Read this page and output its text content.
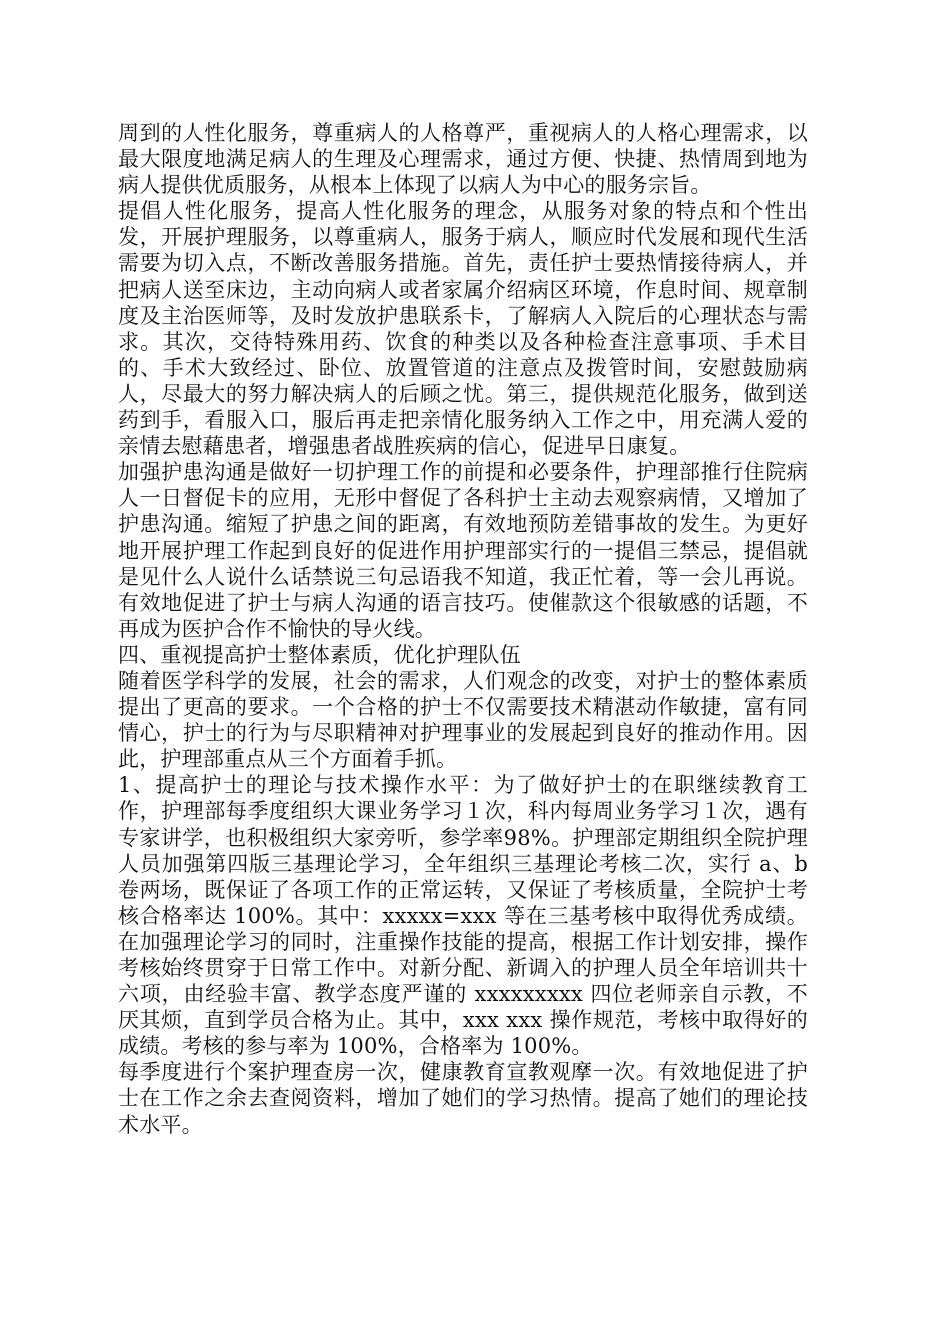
周到的人性化服务，尊重病人的人格尊严，重视病人的人格心理需求，以最大限度地满足病人的生理及心理需求，通过方便、快捷、热情周到地为病人提供优质服务，从根本上体现了以病人为中心的服务宗旨。

提倡人性化服务，提高人性化服务的理念，从服务对象的特点和个性出发，开展护理服务，以尊重病人，服务于病人，顺应时代发展和现代生活需要为切入点，不断改善服务措施。首先，责任护士要热情接待病人，并把病人送至床边，主动向病人或者家属介绍病区环境，作息时间、规章制度及主治医师等，及时发放护患联系卡，了解病人入院后的心理状态与需求。其次，交待特殊用药、饮食的种类以及各种检查注意事项、手术目的、手术大致经过、卧位、放置管道的注意点及拨管时间，安慰鼓励病人，尽最大的努力解决病人的后顾之忧。第三，提供规范化服务，做到送药到手，看服入口，服后再走把亲情化服务纳入工作之中，用充满人爱的亲情去慰藉患者，增强患者战胜疾病的信心，促进早日康复。

加强护患沟通是做好一切护理工作的前提和必要条件，护理部推行住院病人一日督促卡的应用，无形中督促了各科护士主动去观察病情，又增加了护患沟通。缩短了护患之间的距离，有效地预防差错事故的发生。为更好地开展护理工作起到良好的促进作用护理部实行的一提倡三禁忌，提倡就是见什么人说什么话禁说三句忌语我不知道，我正忙着，等一会儿再说。有效地促进了护士与病人沟通的语言技巧。使催款这个很敏感的话题，不再成为医护合作不愉快的导火线。

四、重视提高护士整体素质，优化护理队伍

随着医学科学的发展，社会的需求，人们观念的改变，对护士的整体素质提出了更高的要求。一个合格的护士不仅需要技术精湛动作敏捷，富有同情心，护士的行为与尽职精神对护理事业的发展起到良好的推动作用。因此，护理部重点从三个方面着手抓。

1、提高护士的理论与技术操作水平：为了做好护士的在职继续教育工作，护理部每季度组织大课业务学习１次，科内每周业务学习１次，遇有专家讲学，也积极组织大家旁听，参学率98%。护理部定期组织全院护理人员加强第四版三基理论学习，全年组织三基理论考核二次，实行 a、b 卷两场，既保证了各项工作的正常运转，又保证了考核质量，全院护士考核合格率达 100%。其中：xxxxx=xxx 等在三基考核中取得优秀成绩。在加强理论学习的同时，注重操作技能的提高，根据工作计划安排，操作考核始终贯穿于日常工作中。对新分配、新调入的护理人员全年培训共十六项，由经验丰富、教学态度严谨的 xxxxxxxxx 四位老师亲自示教，不厌其烦，直到学员合格为止。其中，xxx xxx 操作规范，考核中取得好的成绩。考核的参与率为 100%，合格率为 100%。

每季度进行个案护理查房一次，健康教育宣教观摩一次。有效地促进了护士在工作之余去查阅资料，增加了她们的学习热情。提高了她们的理论技术水平。
